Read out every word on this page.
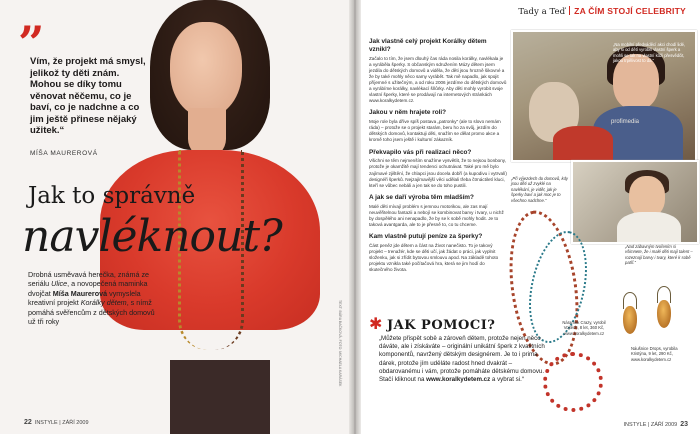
”
Vím, že projekt má smysl, jelikož ty děti znám. Mohou se díky tomu věnovat něčemu, co je baví, co je nadchne a co jim ještě přinese nějaký užitek.“
MÍŠA MAUREROVÁ
Jak to správně
navléknout?
Drobná usměvavá herečka, známá ze seriálu Ulice, a novopečená maminka dvojčat Míša Maurerová vymyslela kreativní projekt Korálky dětem, s nímž pomáhá svěřencům z dětských domovů už tři roky	TEXT: BÁRA BAČKOVÁ, FOTO: MICHAELA KARÁSEK
22 INSTYLE | ZÁŘÍ 2009
Tady a Teď ZA ČÍM STOJÍ CELEBRITY

Jak vlastně celý projekt Korálky dětem vznikl?

Začalo to tím, že jsem dlouhý čas ráda nosila korálky, navlékala je a vyráběla šperky. S občanským sdružením Múzy dětem jsem jezdila do dětských domovů a viděla, že děti jsou hrozně šikovné a že by také mohly něco samy vyrábět. Tak mě napadlo, jak spojit příjemné s užitečným, a od roku 2006 jezdíme do dětských domovů a vyrábíme korálky, navlékací šňůrky. Aby děti mohly vyrobit svoje vlastní šperky, které se prodávají na internetových stránkách www.koralkydetem.cz.

Jakou v něm hrajete roli?

Moje role byla dříve spíš postava „patronky“ (ale to slovo nemám ráda) – protože se o projekt starám, beru ho za svůj, jezdím do dětských domovů, kontaktuji děti, snažím se dělat promo akce a kromě toho jsem ještě i kulturní zákazník.

Překvapilo vás při realizaci něco?

Všichni se těm nejmenším snažíme vysvětlit, že to nejsou bonbony, protože je okamžitě mají tendenci ochutnávat. Také pro mě bylo zajímavé zjištění, že chlapci jsou docela dobří (a kupodivu i vytrvalí) designéři šperků. Nejzajímavější věci udělali třeba čtrnáctiletí kluci, kteří se vůbec nebáli a jen tak se do toho pustili.

A jak se daří výroba těm mladším?

Malé děti mívají problém s jemnou motorikou, ale zas mají neuvěřitelnou fantazii a nebojí se kombinovat barvy i tvary, u nichž by dospělého ani nenapadlo, že by se k sobě mohly hodit. Je to taková avantgarda, ale to je přesně to, co tu chceme.

Kam vlastně putují peníze za šperky?

Část peněz jde dětem a část na Život nanečisto. To je takový projekt – trenažér, kde se děti učí, jak žádat o práci, jak vyplnit složenku, jak si zřídit bytovou smlouvu apod. Na základě tohoto projektu vznikla také počítačová hra, která se jim hodí do skutečného života.

„Na mobilní předváděcí akci chodí lidé, aby si od dětí vyrobili vlastní šperk a mohli se tak na vlastní kůži přesvědčit, jakou trpělivost to dá.“
profimedia
„Při výjezdech do domovů, kdy jsou děti už zvyklé na navlékání, je vidět, jak je šperky baví a jak moc je to všechno nadchne.“
„Nad zábavným tvořením si všimnete, že i malé děti mají talent – rozeznají barvy i tvary, které k sobě patří.“
Náušnice Drops, vyrobila Kristýna, 9 let, 290 Kč, www.koralkydetem.cz
Náramek Crazy, vyrobil Vojtěch, 8 let, 360 Kč, www.koralkydetem.cz
✱ JAK POMOCI?
„Můžete přispět sobě a zároveň dětem, protože nejen něco dáváte, ale i získáváte – originální unikátní šperk z kvalitních komponentů, navržený dětským designérem. Je to i prima dárek, protože jím uděláte radost hned dvakrát – obdarovanému i vám, protože pomáháte dětskému domovu. Stačí kliknout na www.koralkydetem.cz a vybrat si.“
INSTYLE | ZÁŘÍ 2009 23
